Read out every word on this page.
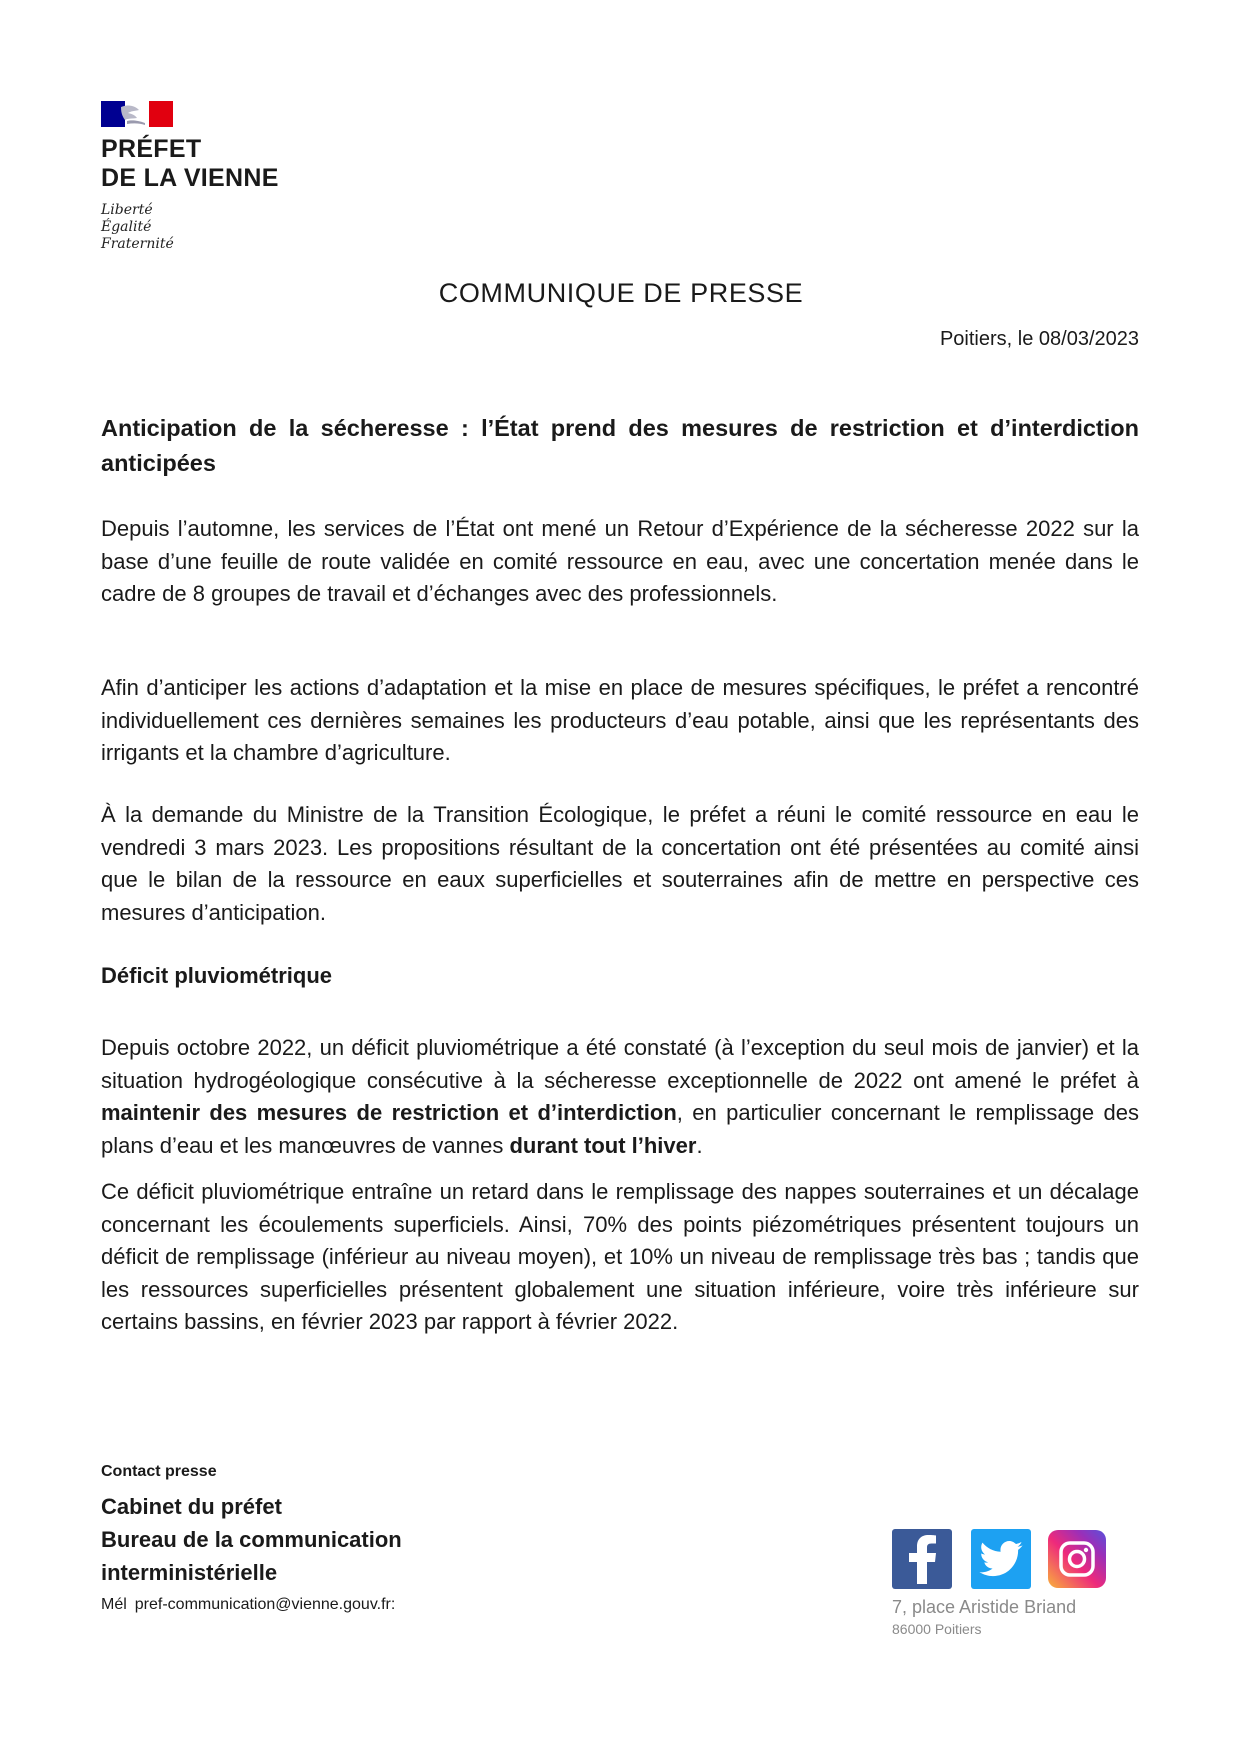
PRÉFET
DE LA VIENNE
Liberté
Égalité
Fraternité
COMMUNIQUE DE PRESSE
Poitiers, le 08/03/2023

Anticipation de la sécheresse : l’État prend des mesures de restriction et d’interdiction anticipées

Depuis l’automne, les services de l’État ont mené un Retour d’Expérience de la sécheresse 2022 sur la base d’une feuille de route validée en comité ressource en eau, avec une concertation menée dans le cadre de 8 groupes de travail et d’échanges avec des professionnels.

Afin d’anticiper les actions d’adaptation et la mise en place de mesures spécifiques, le préfet a rencontré individuellement ces dernières semaines les producteurs d’eau potable, ainsi que les représentants des irrigants et la chambre d’agriculture.

À la demande du Ministre de la Transition Écologique, le préfet a réuni le comité ressource en eau le vendredi 3 mars 2023. Les propositions résultant de la concertation ont été présentées au comité ainsi que le bilan de la ressource en eaux superficielles et souterraines afin de mettre en perspective ces mesures d’anticipation.

Déficit pluviométrique

Depuis octobre 2022, un déficit pluviométrique a été constaté (à l’exception du seul mois de janvier) et la situation hydrogéologique consécutive à la sécheresse exceptionnelle de 2022 ont amené le préfet à maintenir des mesures de restriction et d’interdiction, en particulier concernant le remplissage des plans d’eau et les manœuvres de vannes durant tout l’hiver.

Ce déficit pluviométrique entraîne un retard dans le remplissage des nappes souterraines et un décalage concernant les écoulements superficiels. Ainsi, 70% des points piézométriques présentent toujours un déficit de remplissage (inférieur au niveau moyen), et 10% un niveau de remplissage très bas ; tandis que les ressources superficielles présentent globalement une situation inférieure, voire très inférieure sur certains bassins, en février 2023 par rapport à février 2022.

Contact presse
Cabinet du préfet
Bureau de la communication
interministérielle
Mél pref-communication@vienne.gouv.fr:	7, place Aristide Briand
86000 Poitiers
